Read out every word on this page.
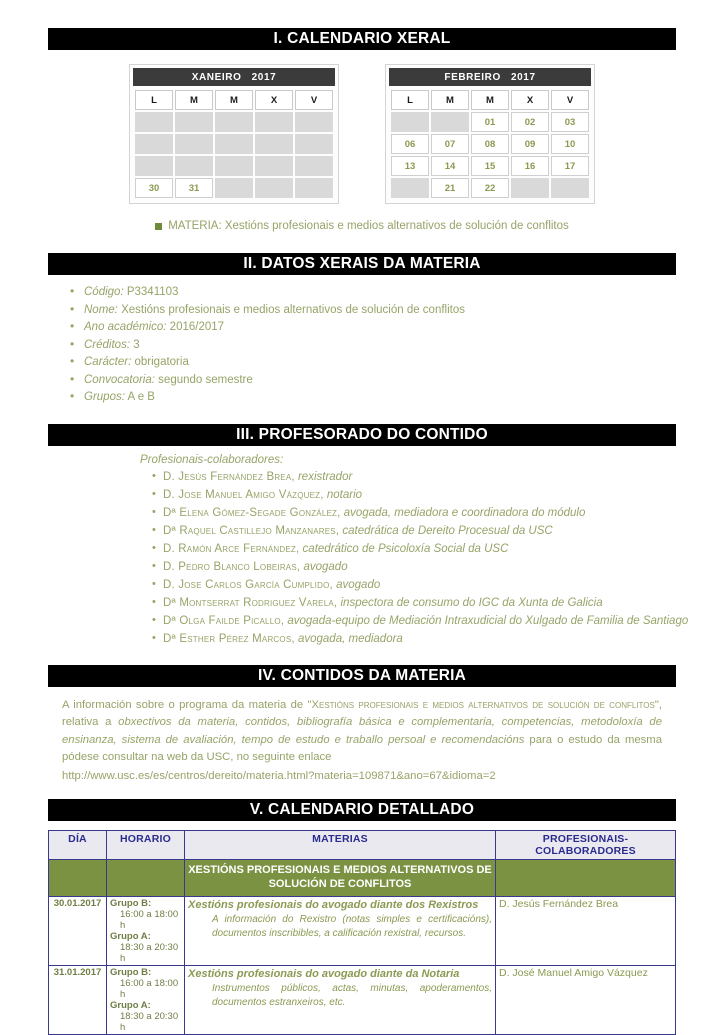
I. CALENDARIO XERAL
XANEIRO   2017
L	M	M	X	V

30	31			
FEBREIRO   2017
L	M	M	X	V
		01	02	03
06	07	08	09	10
13	14	15	16	17
	21	22		
MATERIA: Xestións profesionais e medios alternativos de solución de conflitos
II. DATOS XERAIS DA MATERIA
• Código: P3341103
• Nome: Xestións profesionais e medios alternativos de solución de conflitos
• Ano académico: 2016/2017
• Créditos: 3
• Carácter: obrigatoria
• Convocatoria: segundo semestre
• Grupos: A e B
III. PROFESORADO DO CONTIDO
Profesionais-colaboradores:
• D. Jesús Fernández Brea, rexistrador
• D. Jose Manuel Amigo Vázquez, notario
• Dª Elena Gómez-Segade González, avogada, mediadora e coordinadora do módulo
• Dª Raquel Castillejo Manzanares, catedrática de Dereito Procesual da USC
• D. Ramón Arce Fernández, catedrático de Psicoloxía Social da USC
• D. Pedro Blanco Lobeiras, avogado
• D. Jose Carlos García Cumplido, avogado
• Dª Montserrat Rodriguez Varela, inspectora de consumo do IGC da Xunta de Galicia
• Dª Olga Failde Picallo, avogada-equipo de Mediación Intraxudicial do Xulgado de Familia de Santiago
• Dª Esther Pérez Marcos, avogada, mediadora
IV. CONTIDOS DA MATERIA

A información sobre o programa da materia de "Xestións profesionais e medios alternativos de solución de conflitos", relativa a obxectivos da materia, contidos, bibliografía básica e complementaria, competencias, metodoloxía de ensinanza, sistema de avaliación, tempo de estudo e traballo persoal e recomendacións para o estudo da mesma pódese consultar na web da USC, no seguinte enlace

http://www.usc.es/es/centros/dereito/materia.html?materia=109871&ano=67&idioma=2
V. CALENDARIO DETALLADO
DÍA	HORARIO	MATERIAS	PROFESIONAIS-COLABORADORES
		XESTIÓNS PROFESIONAIS E MEDIOS ALTERNATIVOS DE SOLUCIÓN DE CONFLITOS	
30.01.2017	Grupo B:
16:00 a 18:00 h
Grupo A:
18:30 a 20:30 h	Xestións profesionais do avogado diante dos Rexistros
A información do Rexistro (notas simples e certificacións), documentos inscribibles, a calificación rexistral, recursos.	D. Jesús Fernández Brea
31.01.2017	Grupo B:
16:00 a 18:00 h
Grupo A:
18:30 a 20:30 h	Xestións profesionais do avogado diante da Notaria
Instrumentos públicos, actas, minutas, apoderamentos, documentos estranxeiros, etc.	D. José Manuel Amigo Vázquez
